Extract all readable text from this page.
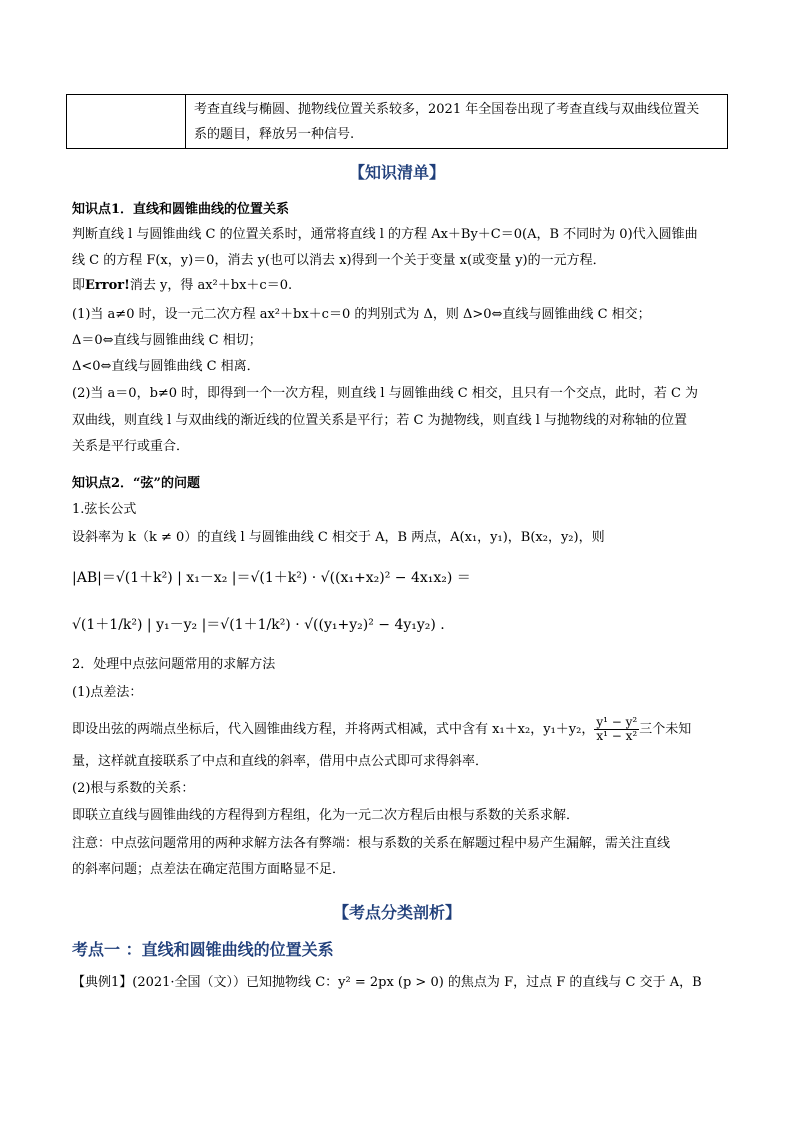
考查直线与椭圆、抛物线位置关系较多，2021 年全国卷出现了考查直线与双曲线位置关
系的题目，释放另一种信号.
【知识清单】
知识点1．直线和圆锥曲线的位置关系
判断直线 l 与圆锥曲线 C 的位置关系时，通常将直线 l 的方程 Ax＋By＋C＝0(A，B 不同时为 0)代入圆锥曲
线 C 的方程 F(x，y)＝0，消去 y(也可以消去 x)得到一个关于变量 x(或变量 y)的一元方程．
即Error!消去 y，得 ax²＋bx＋c＝0.
(1)当 a≠0 时，设一元二次方程 ax²＋bx＋c＝0 的判别式为 Δ，则 Δ>0⇔直线与圆锥曲线 C 相交；
Δ＝0⇔直线与圆锥曲线 C 相切；
Δ<0⇔直线与圆锥曲线 C 相离．
(2)当 a＝0，b≠0 时，即得到一个一次方程，则直线 l 与圆锥曲线 C 相交，且只有一个交点，此时，若 C 为
双曲线，则直线 l 与双曲线的渐近线的位置关系是平行；若 C 为抛物线，则直线 l 与抛物线的对称轴的位置
关系是平行或重合．
知识点2．“弦”的问题
1.弦长公式
设斜率为 k（k ≠ 0）的直线 l 与圆锥曲线 C 相交于 A，B 两点，A(x₁，y₁)，B(x₂，y₂)，则
|AB|＝√(1＋k²) | x₁－x₂ |＝√(1＋k²) · √((x₁+x₂)² − 4x₁x₂) ＝
√(1＋1/k²) | y₁－y₂ |＝√(1＋1/k²) · √((y₁+y₂)² − 4y₁y₂) .
2．处理中点弦问题常用的求解方法
(1)点差法：
即设出弦的两端点坐标后，代入圆锥曲线方程，并将两式相减，式中含有 x₁＋x₂，y₁＋y₂， $\frac{\text{y¹ − y²}}{\text{x¹ − x²}}$ 三个未知
量，这样就直接联系了中点和直线的斜率，借用中点公式即可求得斜率．
(2)根与系数的关系：
即联立直线与圆锥曲线的方程得到方程组，化为一元二次方程后由根与系数的关系求解．
注意：中点弦问题常用的两种求解方法各有弊端：根与系数的关系在解题过程中易产生漏解，需关注直线
的斜率问题；点差法在确定范围方面略显不足．
【考点分类剖析】
考点一 ：直线和圆锥曲线的位置关系
【典例1】(2021·全国（文））已知抛物线 C：y² = 2px (p > 0) 的焦点为 F，过点 F 的直线与 C 交于 A，B
